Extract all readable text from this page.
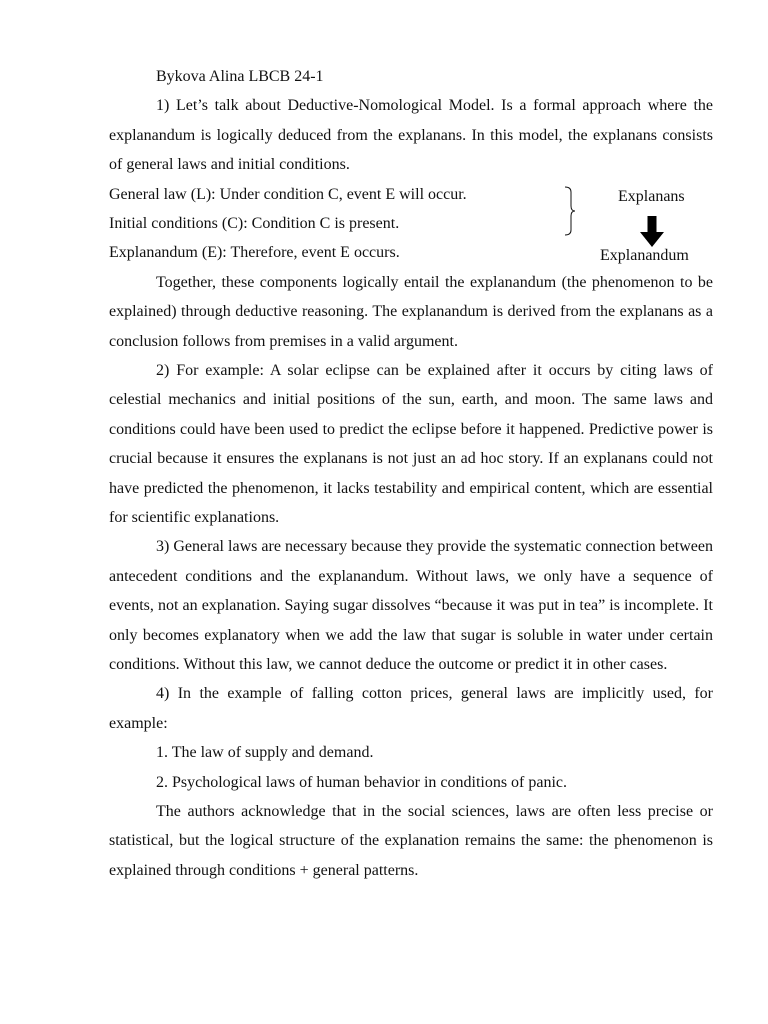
Bykova Alina LBCB 24-1

1) Let’s talk about Deductive-Nomological Model. Is a formal approach where the explanandum is logically deduced from the explanans. In this model, the explanans consists of general laws and initial conditions.

General law (L): Under condition C, event E will occur.
Initial conditions (C): Condition C is present.
Explanandum (E): Therefore, event E occurs.
Explanans
Explanandum

Together, these components logically entail the explanandum (the phenomenon to be explained) through deductive reasoning. The explanandum is derived from the explanans as a conclusion follows from premises in a valid argument.

2) For example: A solar eclipse can be explained after it occurs by citing laws of celestial mechanics and initial positions of the sun, earth, and moon. The same laws and conditions could have been used to predict the eclipse before it happened. Predictive power is crucial because it ensures the explanans is not just an ad hoc story. If an explanans could not have predicted the phenomenon, it lacks testability and empirical content, which are essential for scientific explanations.

3) General laws are necessary because they provide the systematic connection between antecedent conditions and the explanandum. Without laws, we only have a sequence of events, not an explanation. Saying sugar dissolves “because it was put in tea” is incomplete. It only becomes explanatory when we add the law that sugar is soluble in water under certain conditions. Without this law, we cannot deduce the outcome or predict it in other cases.

4) In the example of falling cotton prices, general laws are implicitly used, for example:

1. The law of supply and demand.
2. Psychological laws of human behavior in conditions of panic.

The authors acknowledge that in the social sciences, laws are often less precise or statistical, but the logical structure of the explanation remains the same: the phenomenon is explained through conditions + general patterns.
